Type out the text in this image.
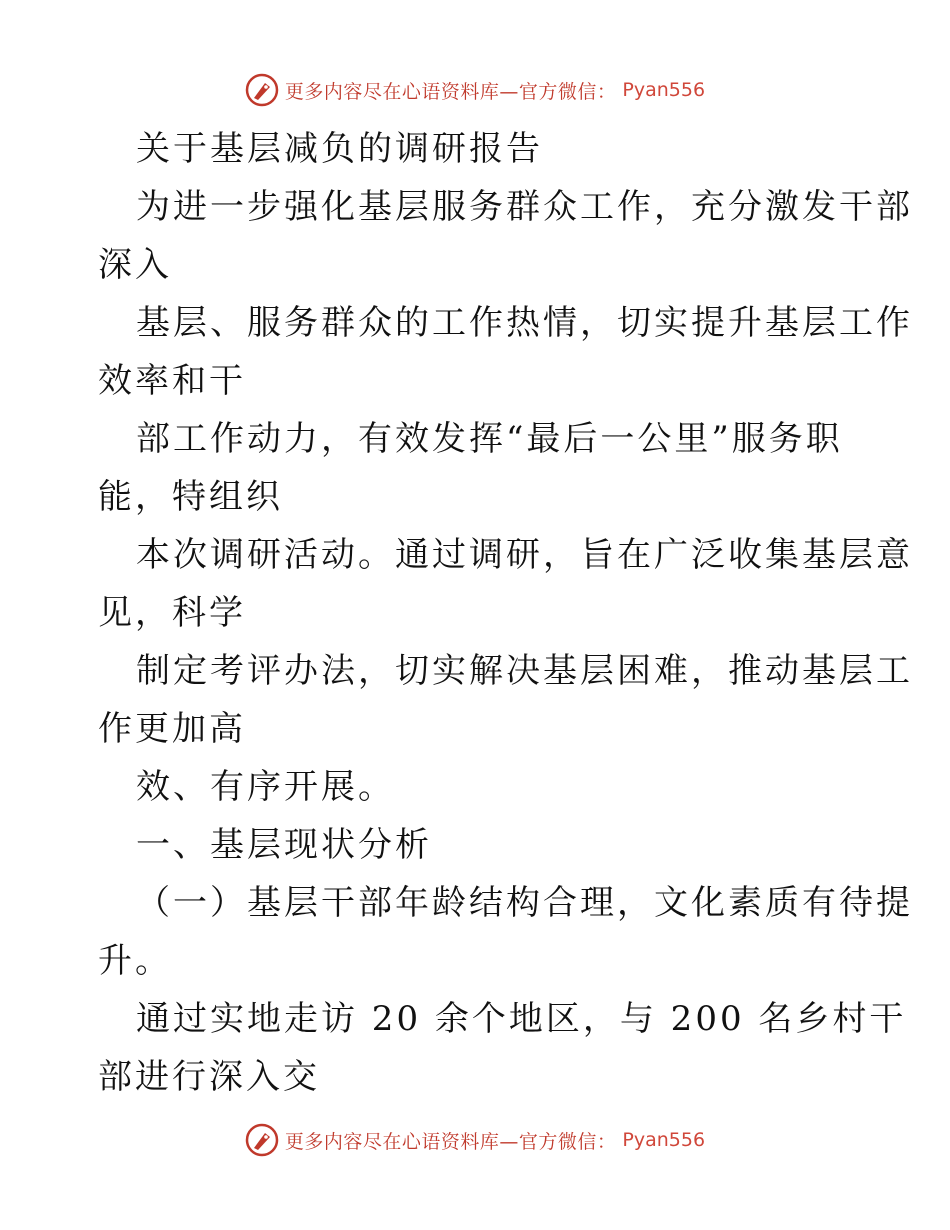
更多内容尽在心语资料库—官方微信： Pyan556
关于基层减负的调研报告
为进一步强化基层服务群众工作，充分激发干部
深入
基层、服务群众的工作热情，切实提升基层工作
效率和干
部工作动力，有效发挥“最后一公里”服务职
能，特组织
本次调研活动。通过调研，旨在广泛收集基层意
见，科学
制定考评办法，切实解决基层困难，推动基层工
作更加高
效、有序开展。
一、基层现状分析
（一）基层干部年龄结构合理，文化素质有待提
升。
通过实地走访 20 余个地区，与 200 名乡村干
部进行深入交
更多内容尽在心语资料库—官方微信： Pyan556
